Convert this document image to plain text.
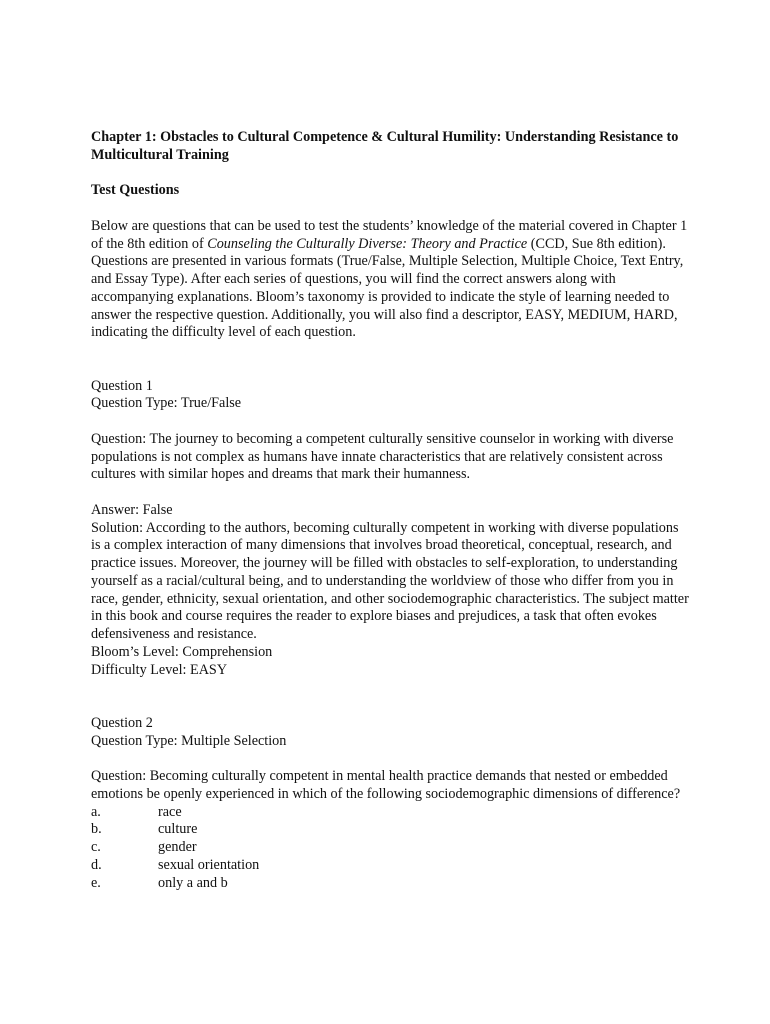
Chapter 1: Obstacles to Cultural Competence & Cultural Humility: Understanding Resistance to Multicultural Training

Test Questions

Below are questions that can be used to test the students’ knowledge of the material covered in Chapter 1 of the 8th edition of Counseling the Culturally Diverse: Theory and Practice (CCD, Sue 8th edition). Questions are presented in various formats (True/False, Multiple Selection, Multiple Choice, Text Entry, and Essay Type). After each series of questions, you will find the correct answers along with accompanying explanations. Bloom’s taxonomy is provided to indicate the style of learning needed to answer the respective question. Additionally, you will also find a descriptor, EASY, MEDIUM, HARD, indicating the difficulty level of each question.

Question 1

Question Type: True/False

Question: The journey to becoming a competent culturally sensitive counselor in working with diverse populations is not complex as humans have innate characteristics that are relatively consistent across cultures with similar hopes and dreams that mark their humanness.

Answer: False

Solution: According to the authors, becoming culturally competent in working with diverse populations is a complex interaction of many dimensions that involves broad theoretical, conceptual, research, and practice issues. Moreover, the journey will be filled with obstacles to self-exploration, to understanding yourself as a racial/cultural being, and to understanding the worldview of those who differ from you in race, gender, ethnicity, sexual orientation, and other sociodemographic characteristics. The subject matter in this book and course requires the reader to explore biases and prejudices, a task that often evokes defensiveness and resistance.

Bloom’s Level: Comprehension

Difficulty Level: EASY

Question 2

Question Type: Multiple Selection

Question: Becoming culturally competent in mental health practice demands that nested or embedded emotions be openly experienced in which of the following sociodemographic dimensions of difference?

a.	race
b.	culture
c.	gender
d.	sexual orientation
e.	only a and b
